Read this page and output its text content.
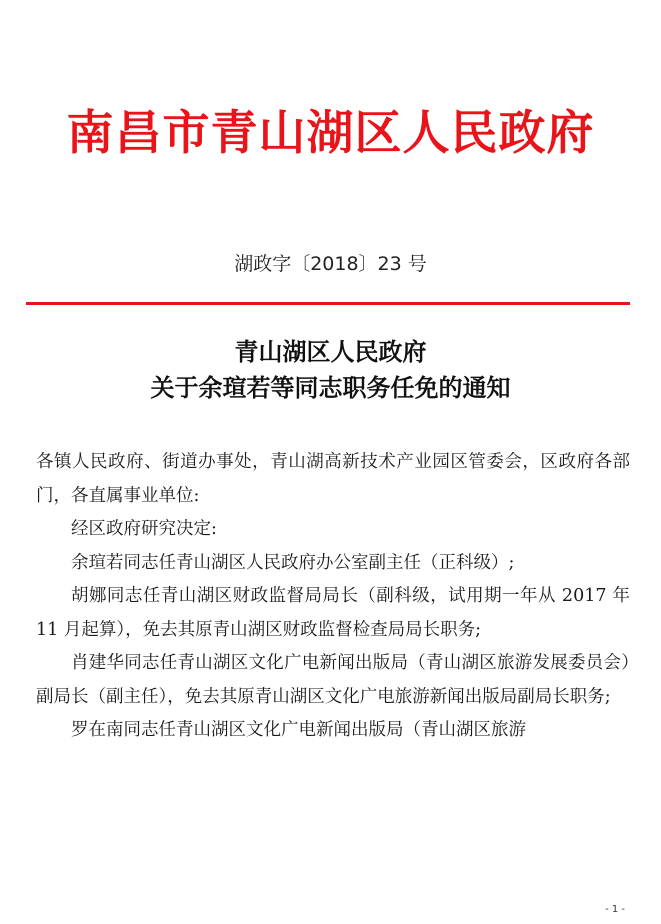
南昌市青山湖区人民政府
湖政字〔2018〕23 号
青山湖区人民政府
关于余瑄若等同志职务任免的通知

各镇人民政府、街道办事处，青山湖高新技术产业园区管委会，区政府各部门，各直属事业单位:

经区政府研究决定:

余瑄若同志任青山湖区人民政府办公室副主任（正科级）;

胡娜同志任青山湖区财政监督局局长（副科级，试用期一年从 2017 年 11 月起算），免去其原青山湖区财政监督检查局局长职务;

肖建华同志任青山湖区文化广电新闻出版局（青山湖区旅游发展委员会）副局长（副主任），免去其原青山湖区文化广电旅游新闻出版局副局长职务;

罗在南同志任青山湖区文化广电新闻出版局（青山湖区旅游

- 1 -
